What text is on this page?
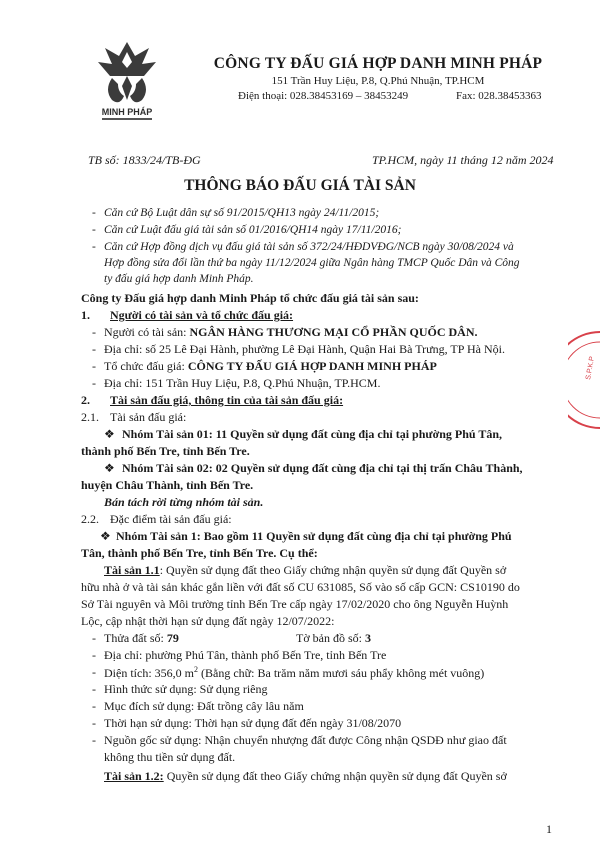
MINH PHÁP
CÔNG TY ĐẤU GIÁ HỢP DANH MINH PHÁP
151 Trần Huy Liệu, P.8, Q.Phú Nhuận, TP.HCM
Điện thoại: 028.38453169 – 38453249	Fax: 028.38453363
TB số: 1833/24/TB-ĐG	TP.HCM, ngày 11 tháng 12 năm 2024
THÔNG BÁO ĐẤU GIÁ TÀI SẢN
- Căn cứ Bộ Luật dân sự số 91/2015/QH13 ngày 24/11/2015;
- Căn cứ Luật đấu giá tài sản số 01/2016/QH14 ngày 17/11/2016;
- Căn cứ Hợp đồng dịch vụ đấu giá tài sản số 372/24/HĐDVĐG/NCB ngày 30/08/2024 và
Hợp đồng sửa đổi lần thứ ba ngày 11/12/2024 giữa Ngân hàng TMCP Quốc Dân và Công
ty đấu giá hợp danh Minh Pháp.
Công ty Đấu giá hợp danh Minh Pháp tổ chức đấu giá tài sản sau:
1. Người có tài sản và tổ chức đấu giá:
- Người có tài sản: NGÂN HÀNG THƯƠNG MẠI CỔ PHẦN QUỐC DÂN.
- Địa chỉ: số 25 Lê Đại Hành, phường Lê Đại Hành, Quận Hai Bà Trưng, TP Hà Nội.
- Tổ chức đấu giá: CÔNG TY ĐẤU GIÁ HỢP DANH MINH PHÁP
- Địa chỉ: 151 Trần Huy Liệu, P.8, Q.Phú Nhuận, TP.HCM.
2. Tài sản đấu giá, thông tin của tài sản đấu giá:
2.1. Tài sản đấu giá:
❖ Nhóm Tài sản 01: 11 Quyền sử dụng đất cùng địa chỉ tại phường Phú Tân,
thành phố Bến Tre, tỉnh Bến Tre.
❖ Nhóm Tài sản 02: 02 Quyền sử dụng đất cùng địa chỉ tại thị trấn Châu Thành,
huyện Châu Thành, tỉnh Bến Tre.
Bán tách rời từng nhóm tài sản.
2.2. Đặc điểm tài sản đấu giá:
❖ Nhóm Tài sản 1: Bao gồm 11 Quyền sử dụng đất cùng địa chỉ tại phường Phú
Tân, thành phố Bến Tre, tỉnh Bến Tre. Cụ thể:
Tài sản 1.1: Quyền sử dụng đất theo Giấy chứng nhận quyền sử dụng đất Quyền sở
hữu nhà ở và tài sản khác gắn liền với đất số CU 631085, Số vào số cấp GCN: CS10190 do
Sở Tài nguyên và Môi trường tỉnh Bến Tre cấp ngày 17/02/2020 cho ông Nguyễn Huỳnh
Lộc, cập nhật thời hạn sử dụng đất ngày 12/07/2022:
- Thửa đất số: 79	Tờ bản đồ số: 3
- Địa chỉ: phường Phú Tân, thành phố Bến Tre, tỉnh Bến Tre
- Diện tích: 356,0 $m^2$ (Bằng chữ: Ba trăm năm mươi sáu phẩy không mét vuông)
- Hình thức sử dụng: Sử dụng riêng
- Mục đích sử dụng: Đất trồng cây lâu năm
- Thời hạn sử dụng: Thời hạn sử dụng đất đến ngày 31/08/2070
- Nguồn gốc sử dụng: Nhận chuyển nhượng đất được Công nhận QSDĐ như giao đất
không thu tiền sử dụng đất.
Tài sản 1.2: Quyền sử dụng đất theo Giấy chứng nhận quyền sử dụng đất Quyền sở
S.P.K.P
1
